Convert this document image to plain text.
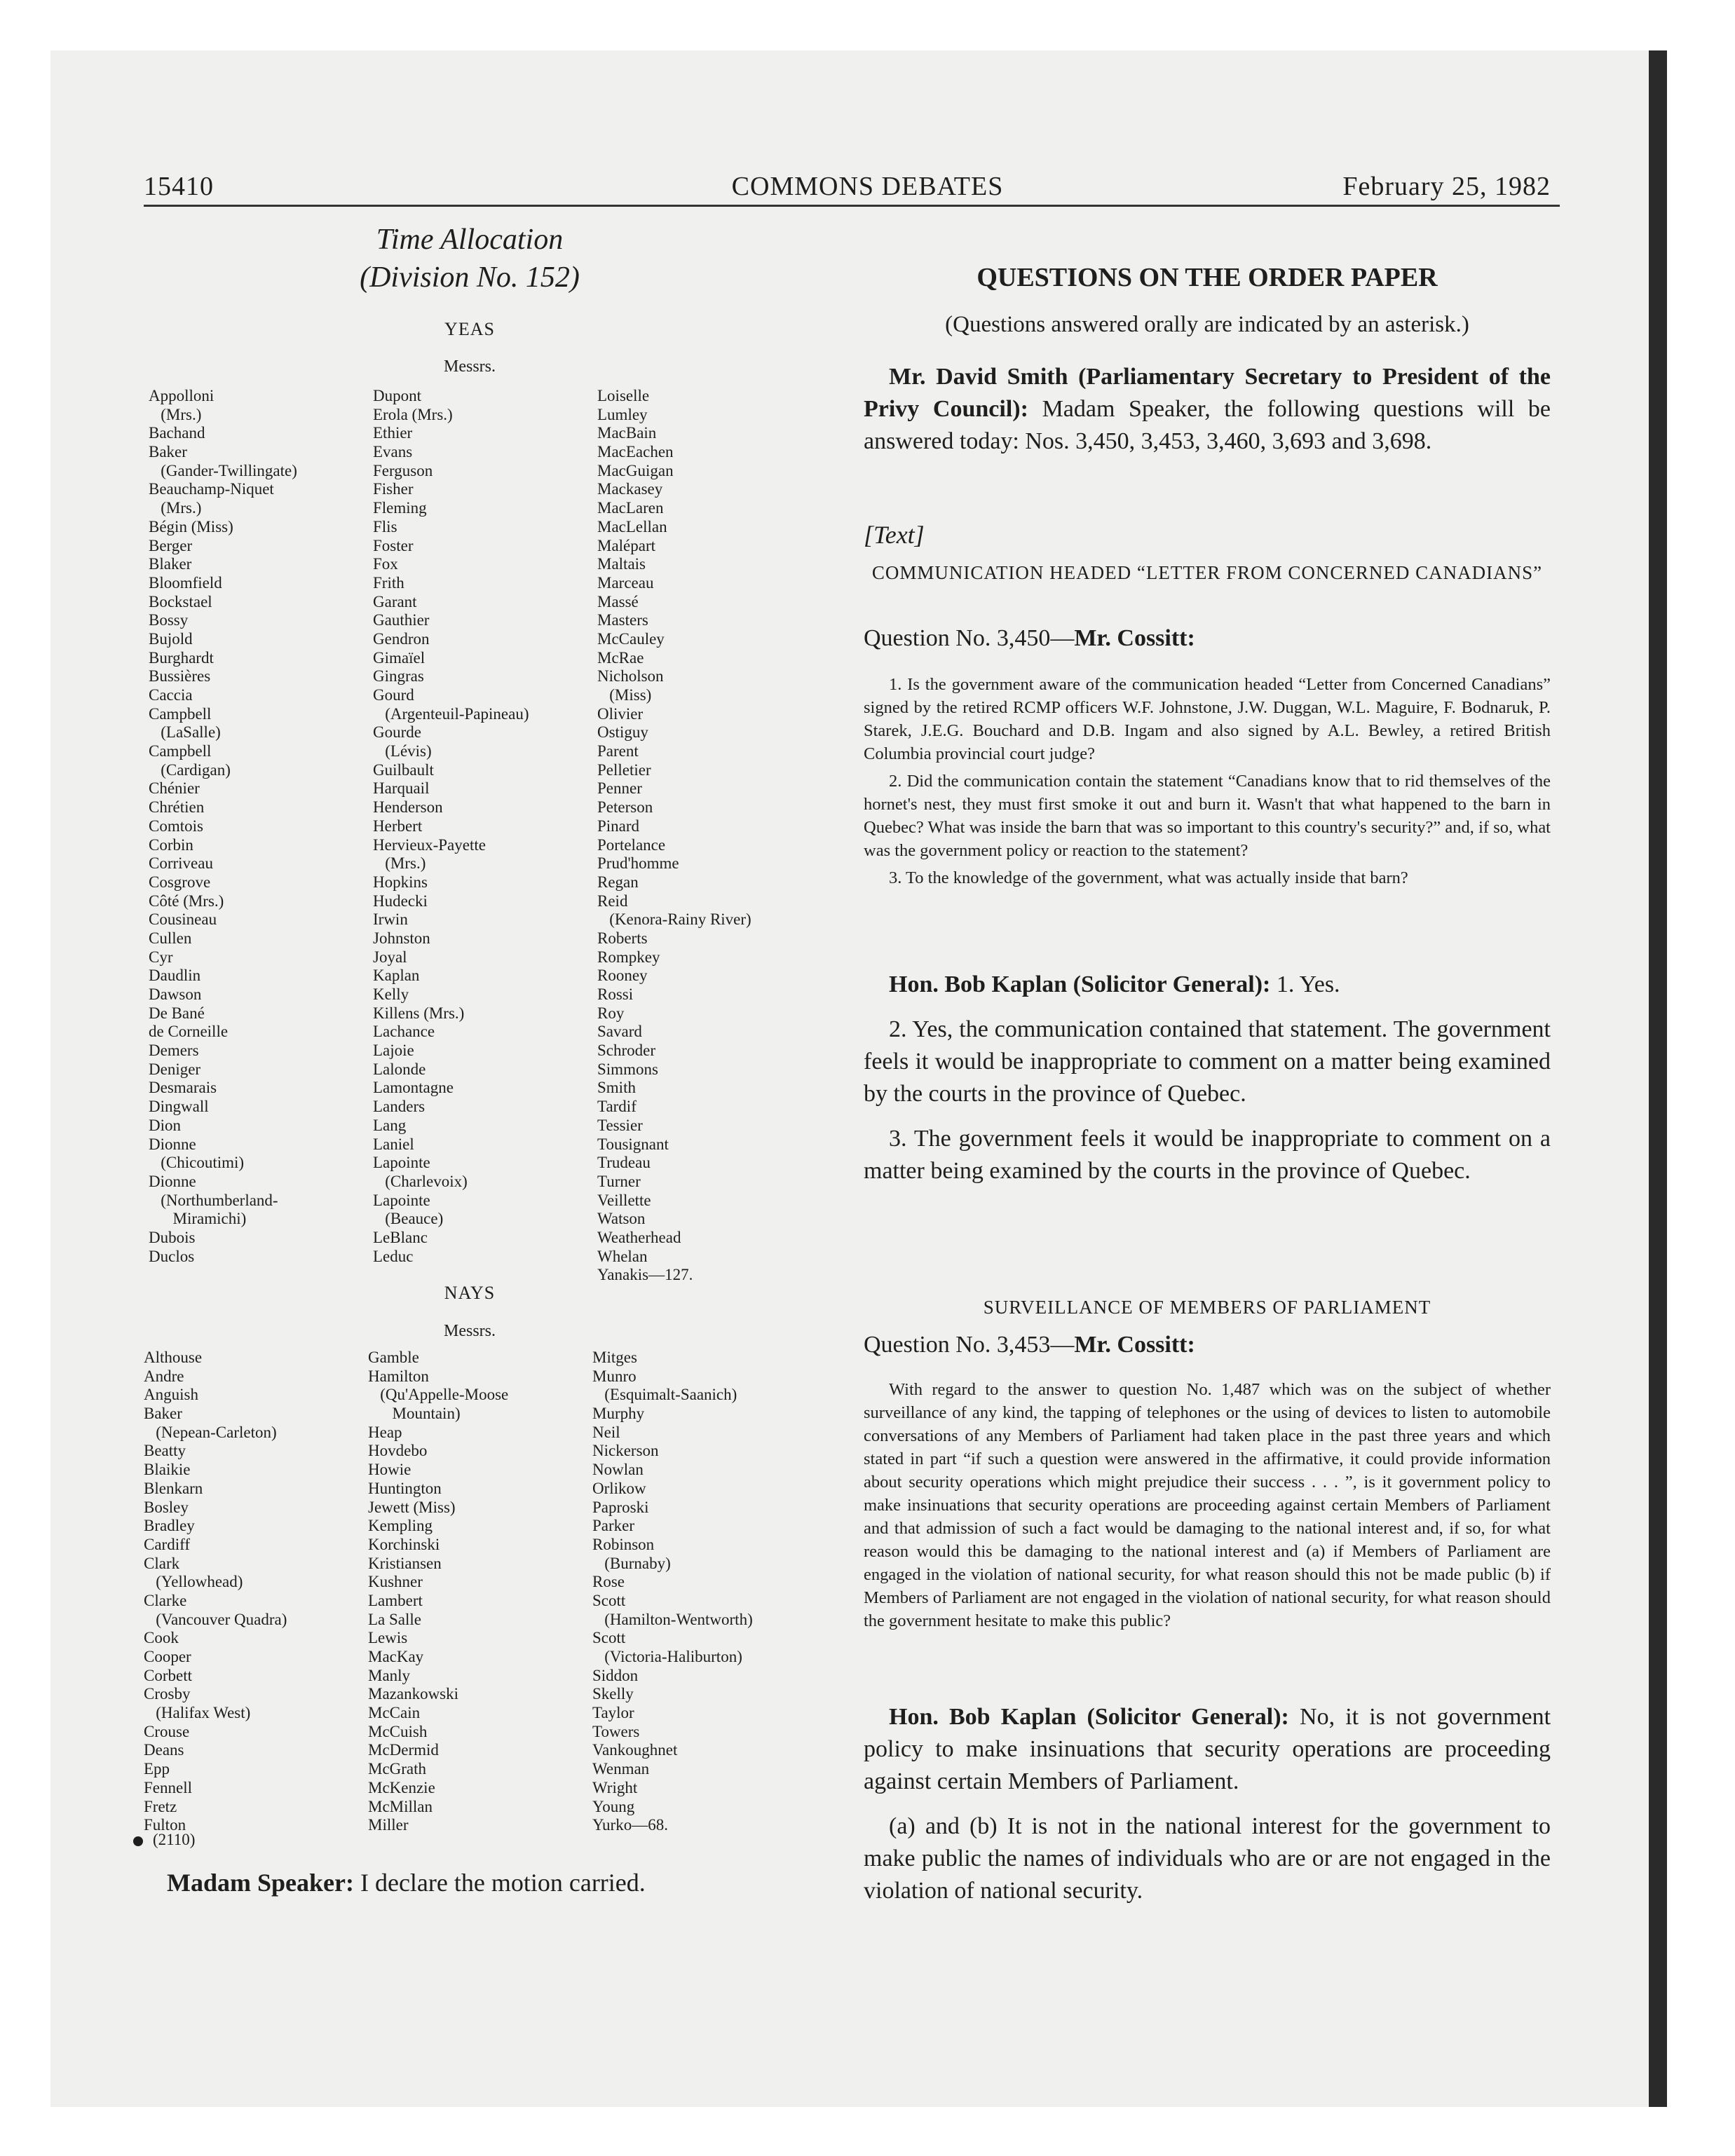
15410	COMMONS DEBATES	February 25, 1982
Time Allocation
(Division No. 152)
YEAS
Messrs.
Appolloni
(Mrs.)
Bachand
Baker
(Gander-Twillingate)
Beauchamp-Niquet
(Mrs.)
Bégin (Miss)
Berger
Blaker
Bloomfield
Bockstael
Bossy
Bujold
Burghardt
Bussières
Caccia
Campbell
(LaSalle)
Campbell
(Cardigan)
Chénier
Chrétien
Comtois
Corbin
Corriveau
Cosgrove
Côté (Mrs.)
Cousineau
Cullen
Cyr
Daudlin
Dawson
De Bané
de Corneille
Demers
Deniger
Desmarais
Dingwall
Dion
Dionne
(Chicoutimi)
Dionne
(Northumberland-
Miramichi)
Dubois
Duclos
Dupont
Erola (Mrs.)
Ethier
Evans
Ferguson
Fisher
Fleming
Flis
Foster
Fox
Frith
Garant
Gauthier
Gendron
Gimaïel
Gingras
Gourd
(Argenteuil-Papineau)
Gourde
(Lévis)
Guilbault
Harquail
Henderson
Herbert
Hervieux-Payette
(Mrs.)
Hopkins
Hudecki
Irwin
Johnston
Joyal
Kaplan
Kelly
Killens (Mrs.)
Lachance
Lajoie
Lalonde
Lamontagne
Landers
Lang
Laniel
Lapointe
(Charlevoix)
Lapointe
(Beauce)
LeBlanc
Leduc
Loiselle
Lumley
MacBain
MacEachen
MacGuigan
Mackasey
MacLaren
MacLellan
Malépart
Maltais
Marceau
Massé
Masters
McCauley
McRae
Nicholson
(Miss)
Olivier
Ostiguy
Parent
Pelletier
Penner
Peterson
Pinard
Portelance
Prud'homme
Regan
Reid
(Kenora-Rainy River)
Roberts
Rompkey
Rooney
Rossi
Roy
Savard
Schroder
Simmons
Smith
Tardif
Tessier
Tousignant
Trudeau
Turner
Veillette
Watson
Weatherhead
Whelan
Yanakis—127.
NAYS
Messrs.
Althouse
Andre
Anguish
Baker
(Nepean-Carleton)
Beatty
Blaikie
Blenkarn
Bosley
Bradley
Cardiff
Clark
(Yellowhead)
Clarke
(Vancouver Quadra)
Cook
Cooper
Corbett
Crosby
(Halifax West)
Crouse
Deans
Epp
Fennell
Fretz
Fulton
Gamble
Hamilton
(Qu'Appelle-Moose
Mountain)
Heap
Hovdebo
Howie
Huntington
Jewett (Miss)
Kempling
Korchinski
Kristiansen
Kushner
Lambert
La Salle
Lewis
MacKay
Manly
Mazankowski
McCain
McCuish
McDermid
McGrath
McKenzie
McMillan
Miller
Mitges
Munro
(Esquimalt-Saanich)
Murphy
Neil
Nickerson
Nowlan
Orlikow
Paproski
Parker
Robinson
(Burnaby)
Rose
Scott
(Hamilton-Wentworth)
Scott
(Victoria-Haliburton)
Siddon
Skelly
Taylor
Towers
Vankoughnet
Wenman
Wright
Young
Yurko—68.
(2110)
Madam Speaker: I declare the motion carried.
QUESTIONS ON THE ORDER PAPER
(Questions answered orally are indicated by an asterisk.)

Mr. David Smith (Parliamentary Secretary to President of the Privy Council): Madam Speaker, the following questions will be answered today: Nos. 3,450, 3,453, 3,460, 3,693 and 3,698.

[Text]
COMMUNICATION HEADED “LETTER FROM CONCERNED CANADIANS”
Question No. 3,450—Mr. Cossitt:

1. Is the government aware of the communication headed “Letter from Concerned Canadians” signed by the retired RCMP officers W.F. Johnstone, J.W. Duggan, W.L. Maguire, F. Bodnaruk, P. Starek, J.E.G. Bouchard and D.B. Ingam and also signed by A.L. Bewley, a retired British Columbia provincial court judge?

2. Did the communication contain the statement “Canadians know that to rid themselves of the hornet's nest, they must first smoke it out and burn it. Wasn't that what happened to the barn in Quebec? What was inside the barn that was so important to this country's security?” and, if so, what was the government policy or reaction to the statement?

3. To the knowledge of the government, what was actually inside that barn?

Hon. Bob Kaplan (Solicitor General): 1. Yes.

2. Yes, the communication contained that statement. The government feels it would be inappropriate to comment on a matter being examined by the courts in the province of Quebec.

3. The government feels it would be inappropriate to comment on a matter being examined by the courts in the province of Quebec.

SURVEILLANCE OF MEMBERS OF PARLIAMENT
Question No. 3,453—Mr. Cossitt:

With regard to the answer to question No. 1,487 which was on the subject of whether surveillance of any kind, the tapping of telephones or the using of devices to listen to automobile conversations of any Members of Parliament had taken place in the past three years and which stated in part “if such a question were answered in the affirmative, it could provide information about security operations which might prejudice their success . . . ”, is it government policy to make insinuations that security operations are proceeding against certain Members of Parliament and that admission of such a fact would be damaging to the national interest and, if so, for what reason would this be damaging to the national interest and (a) if Members of Parliament are engaged in the violation of national security, for what reason should this not be made public (b) if Members of Parliament are not engaged in the violation of national security, for what reason should the government hesitate to make this public?

Hon. Bob Kaplan (Solicitor General): No, it is not government policy to make insinuations that security operations are proceeding against certain Members of Parliament.

(a) and (b) It is not in the national interest for the government to make public the names of individuals who are or are not engaged in the violation of national security.
